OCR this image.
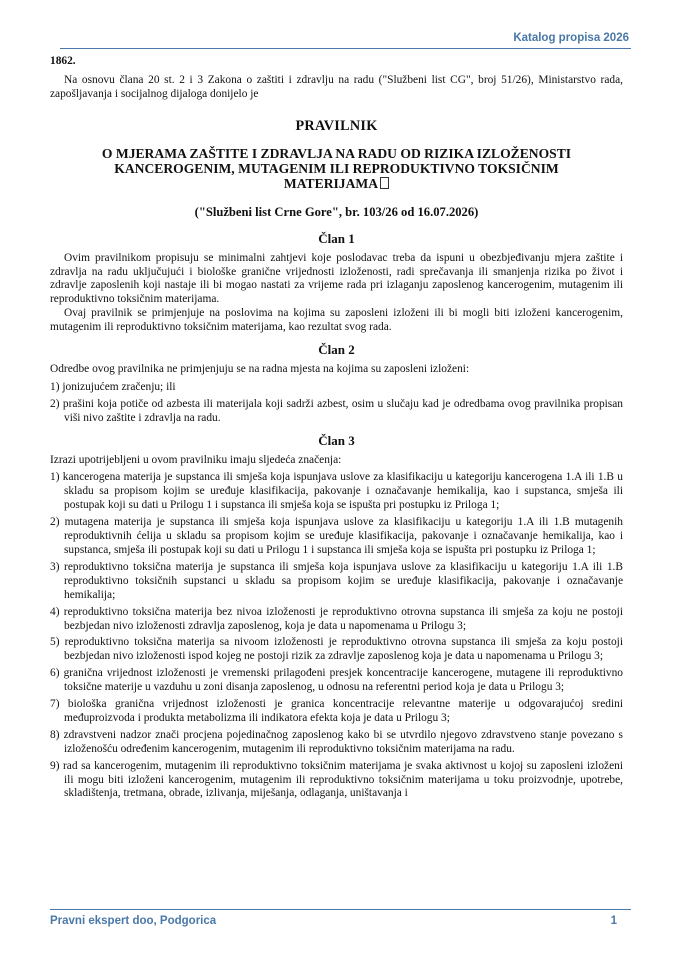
Katalog propisa 2026
1862.

Na osnovu člana 20 st. 2 i 3 Zakona o zaštiti i zdravlju na radu ("Službeni list CG", broj 51/26), Ministarstvo rada, zapošljavanja i socijalnog dijaloga donijelo je

PRAVILNIK
O MJERAMA ZAŠTITE I ZDRAVLJA NA RADU OD RIZIKA IZLOŽENOSTI KANCEROGENIM, MUTAGENIM ILI REPRODUKTIVNO TOKSIČNIM MATERIJAMA
("Službeni list Crne Gore", br. 103/26 od 16.07.2026)
Član 1

Ovim pravilnikom propisuju se minimalni zahtjevi koje poslodavac treba da ispuni u obezbjeđivanju mjera zaštite i zdravlja na radu uključujući i biološke granične vrijednosti izloženosti, radi sprečavanja ili smanjenja rizika po život i zdravlje zaposlenih koji nastaje ili bi mogao nastati za vrijeme rada pri izlaganju zaposlenog kancerogenim, mutagenim ili reproduktivno toksičnim materijama.

Ovaj pravilnik se primjenjuje na poslovima na kojima su zaposleni izloženi ili bi mogli biti izloženi kancerogenim, mutagenim ili reproduktivno toksičnim materijama, kao rezultat svog rada.

Član 2

Odredbe ovog pravilnika ne primjenjuju se na radna mjesta na kojima su zaposleni izloženi:

1) jonizujućem zračenju; ili

2) prašini koja potiče od azbesta ili materijala koji sadrži azbest, osim u slučaju kad je odredbama ovog pravilnika propisan viši nivo zaštite i zdravlja na radu.

Član 3

Izrazi upotrijebljeni u ovom pravilniku imaju sljedeća značenja:

1) kancerogena materija je supstanca ili smješa koja ispunjava uslove za klasifikaciju u kategoriju kancerogena 1.A ili 1.B u skladu sa propisom kojim se uređuje klasifikacija, pakovanje i označavanje hemikalija, kao i supstanca, smješa ili postupak koji su dati u Prilogu 1 i supstanca ili smješa koja se ispušta pri postupku iz Priloga 1;

2) mutagena materija je supstanca ili smješa koja ispunjava uslove za klasifikaciju u kategoriju 1.A ili 1.B mutagenih reproduktivnih ćelija u skladu sa propisom kojim se uređuje klasifikacija, pakovanje i označavanje hemikalija, kao i supstanca, smješa ili postupak koji su dati u Prilogu 1 i supstanca ili smješa koja se ispušta pri postupku iz Priloga 1;

3) reproduktivno toksična materija je supstanca ili smješa koja ispunjava uslove za klasifikaciju u kategoriju 1.A ili 1.B reproduktivno toksičnih supstanci u skladu sa propisom kojim se uređuje klasifikacija, pakovanje i označavanje hemikalija;

4) reproduktivno toksična materija bez nivoa izloženosti je reproduktivno otrovna supstanca ili smješa za koju ne postoji bezbjedan nivo izloženosti zdravlja zaposlenog, koja je data u napomenama u Prilogu 3;

5) reproduktivno toksična materija sa nivoom izloženosti je reproduktivno otrovna supstanca ili smješa za koju postoji bezbjedan nivo izloženosti ispod kojeg ne postoji rizik za zdravlje zaposlenog koja je data u napomenama u Prilogu 3;

6) granična vrijednost izloženosti je vremenski prilagođeni presjek koncentracije kancerogene, mutagene ili reproduktivno toksične materije u vazduhu u zoni disanja zaposlenog, u odnosu na referentni period koja je data u Prilogu 3;

7) biološka granična vrijednost izloženosti je granica koncentracije relevantne materije u odgovarajućoj sredini međuproizvoda i produkta metabolizma ili indikatora efekta koja je data u Prilogu 3;

8) zdravstveni nadzor znači procjena pojedinačnog zaposlenog kako bi se utvrdilo njegovo zdravstveno stanje povezano s izloženošću određenim kancerogenim, mutagenim ili reproduktivno toksičnim materijama na radu.

9) rad sa kancerogenim, mutagenim ili reproduktivno toksičnim materijama je svaka aktivnost u kojoj su zaposleni izloženi ili mogu biti izloženi kancerogenim, mutagenim ili reproduktivno toksičnim materijama u toku proizvodnje, upotrebe, skladištenja, tretmana, obrade, izlivanja, miješanja, odlaganja, uništavanja i

Pravni ekspert doo, Podgorica	1
